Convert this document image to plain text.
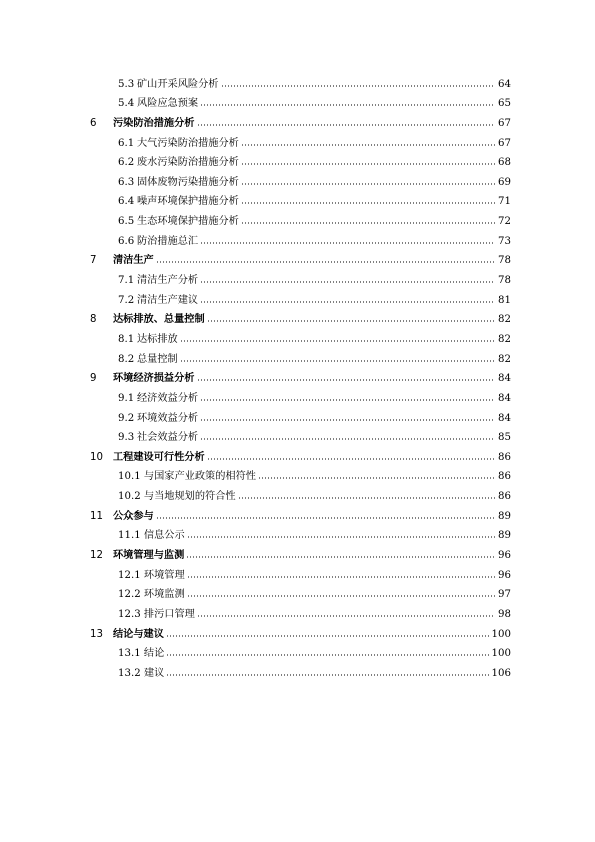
5.3 矿山开采风险分析	64
5.4 风险应急预案	65
6	污染防治措施分析	67
6.1 大气污染防治措施分析	67
6.2 废水污染防治措施分析	68
6.3 固体废物污染措施分析	69
6.4 噪声环境保护措施分析	71
6.5 生态环境保护措施分析	72
6.6 防治措施总汇	73
7	清洁生产	78
7.1 清洁生产分析	78
7.2 清洁生产建议	81
8	达标排放、总量控制	82
8.1 达标排放	82
8.2 总量控制	82
9	环境经济损益分析	84
9.1 经济效益分析	84
9.2 环境效益分析	84
9.3 社会效益分析	85
10 工程建设可行性分析	86
10.1 与国家产业政策的相符性	86
10.2 与当地规划的符合性	86
11 公众参与	89
11.1 信息公示	89
12 环境管理与监测	96
12.1 环境管理	96
12.2 环境监测	97
12.3 排污口管理	98
13 结论与建议	100
13.1 结论	100
13.2 建议	106
